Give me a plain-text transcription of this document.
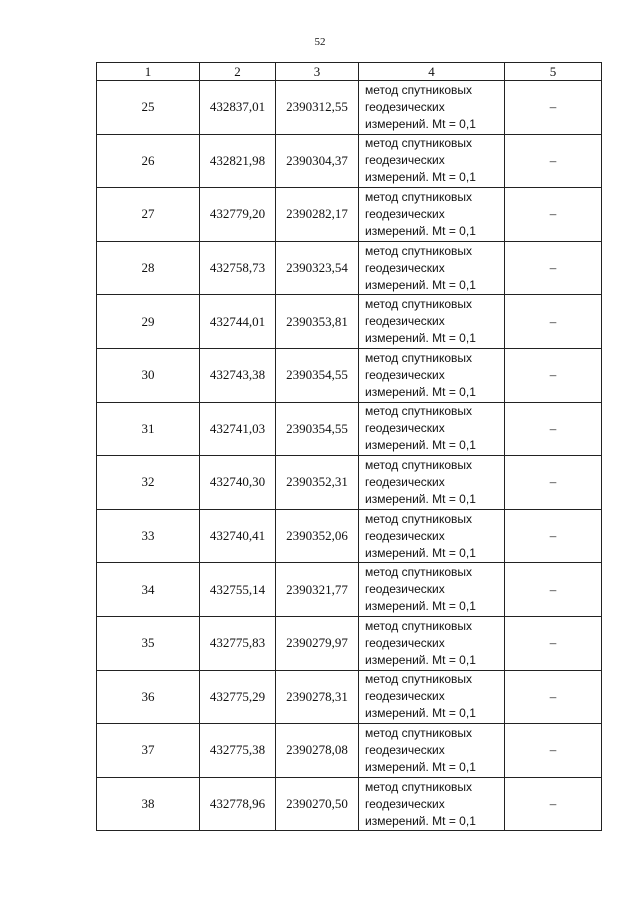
52
1	2	3	4	5
25	432837,01	2390312,55	метод спутниковых
геодезических
измерений. Mt = 0,1	–
26	432821,98	2390304,37	метод спутниковых
геодезических
измерений. Mt = 0,1	–
27	432779,20	2390282,17	метод спутниковых
геодезических
измерений. Mt = 0,1	–
28	432758,73	2390323,54	метод спутниковых
геодезических
измерений. Mt = 0,1	–
29	432744,01	2390353,81	метод спутниковых
геодезических
измерений. Mt = 0,1	–
30	432743,38	2390354,55	метод спутниковых
геодезических
измерений. Mt = 0,1	–
31	432741,03	2390354,55	метод спутниковых
геодезических
измерений. Mt = 0,1	–
32	432740,30	2390352,31	метод спутниковых
геодезических
измерений. Mt = 0,1	–
33	432740,41	2390352,06	метод спутниковых
геодезических
измерений. Mt = 0,1	–
34	432755,14	2390321,77	метод спутниковых
геодезических
измерений. Mt = 0,1	–
35	432775,83	2390279,97	метод спутниковых
геодезических
измерений. Mt = 0,1	–
36	432775,29	2390278,31	метод спутниковых
геодезических
измерений. Mt = 0,1	–
37	432775,38	2390278,08	метод спутниковых
геодезических
измерений. Mt = 0,1	–
38	432778,96	2390270,50	метод спутниковых
геодезических
измерений. Mt = 0,1	–
